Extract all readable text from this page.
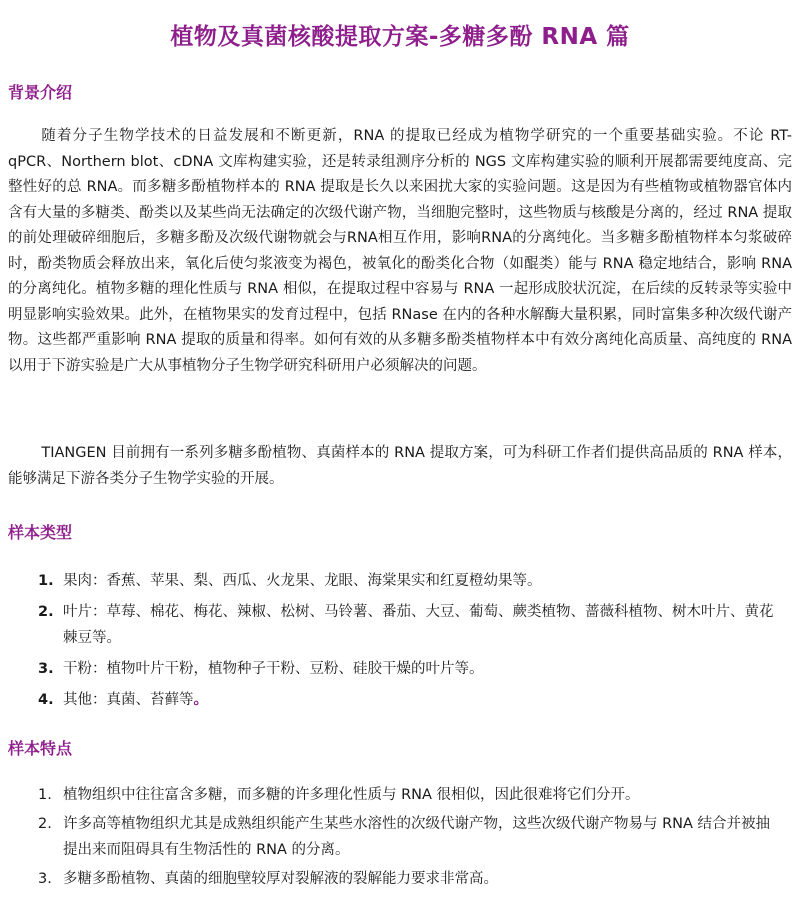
植物及真菌核酸提取方案-多糖多酚 RNA 篇
背景介绍

随着分子生物学技术的日益发展和不断更新，RNA 的提取已经成为植物学研究的一个重要基础实验。不论 RT-qPCR、Northern blot、cDNA 文库构建实验，还是转录组测序分析的 NGS 文库构建实验的顺利开展都需要纯度高、完整性好的总 RNA。而多糖多酚植物样本的 RNA 提取是长久以来困扰大家的实验问题。这是因为有些植物或植物器官体内含有大量的多糖类、酚类以及某些尚无法确定的次级代谢产物，当细胞完整时，这些物质与核酸是分离的，经过 RNA 提取的前处理破碎细胞后，多糖多酚及次级代谢物就会与RNA相互作用，影响RNA的分离纯化。当多糖多酚植物样本匀浆破碎时，酚类物质会释放出来，氧化后使匀浆液变为褐色，被氧化的酚类化合物（如醌类）能与 RNA 稳定地结合，影响 RNA 的分离纯化。植物多糖的理化性质与 RNA 相似，在提取过程中容易与 RNA 一起形成胶状沉淀，在后续的反转录等实验中明显影响实验效果。此外，在植物果实的发育过程中，包括 RNase 在内的各种水解酶大量积累，同时富集多种次级代谢产物。这些都严重影响 RNA 提取的质量和得率。如何有效的从多糖多酚类植物样本中有效分离纯化高质量、高纯度的 RNA 以用于下游实验是广大从事植物分子生物学研究科研用户必须解决的问题。

TIANGEN 目前拥有一系列多糖多酚植物、真菌样本的 RNA 提取方案，可为科研工作者们提供高品质的 RNA 样本，能够满足下游各类分子生物学实验的开展。

样本类型
1. 果肉：香蕉、苹果、梨、西瓜、火龙果、龙眼、海棠果实和红夏橙幼果等。
2. 叶片：草莓、棉花、梅花、辣椒、松树、马铃薯、番茄、大豆、葡萄、蕨类植物、蔷薇科植物、树木叶片、黄花棘豆等。
3. 干粉：植物叶片干粉，植物种子干粉、豆粉、硅胶干燥的叶片等。
4. 其他：真菌、苔藓等。
样本特点
1. 植物组织中往往富含多糖，而多糖的许多理化性质与 RNA 很相似，因此很难将它们分开。
2. 许多高等植物组织尤其是成熟组织能产生某些水溶性的次级代谢产物，这些次级代谢产物易与 RNA 结合并被抽提出来而阻碍具有生物活性的 RNA 的分离。
3. 多糖多酚植物、真菌的细胞壁较厚对裂解液的裂解能力要求非常高。
